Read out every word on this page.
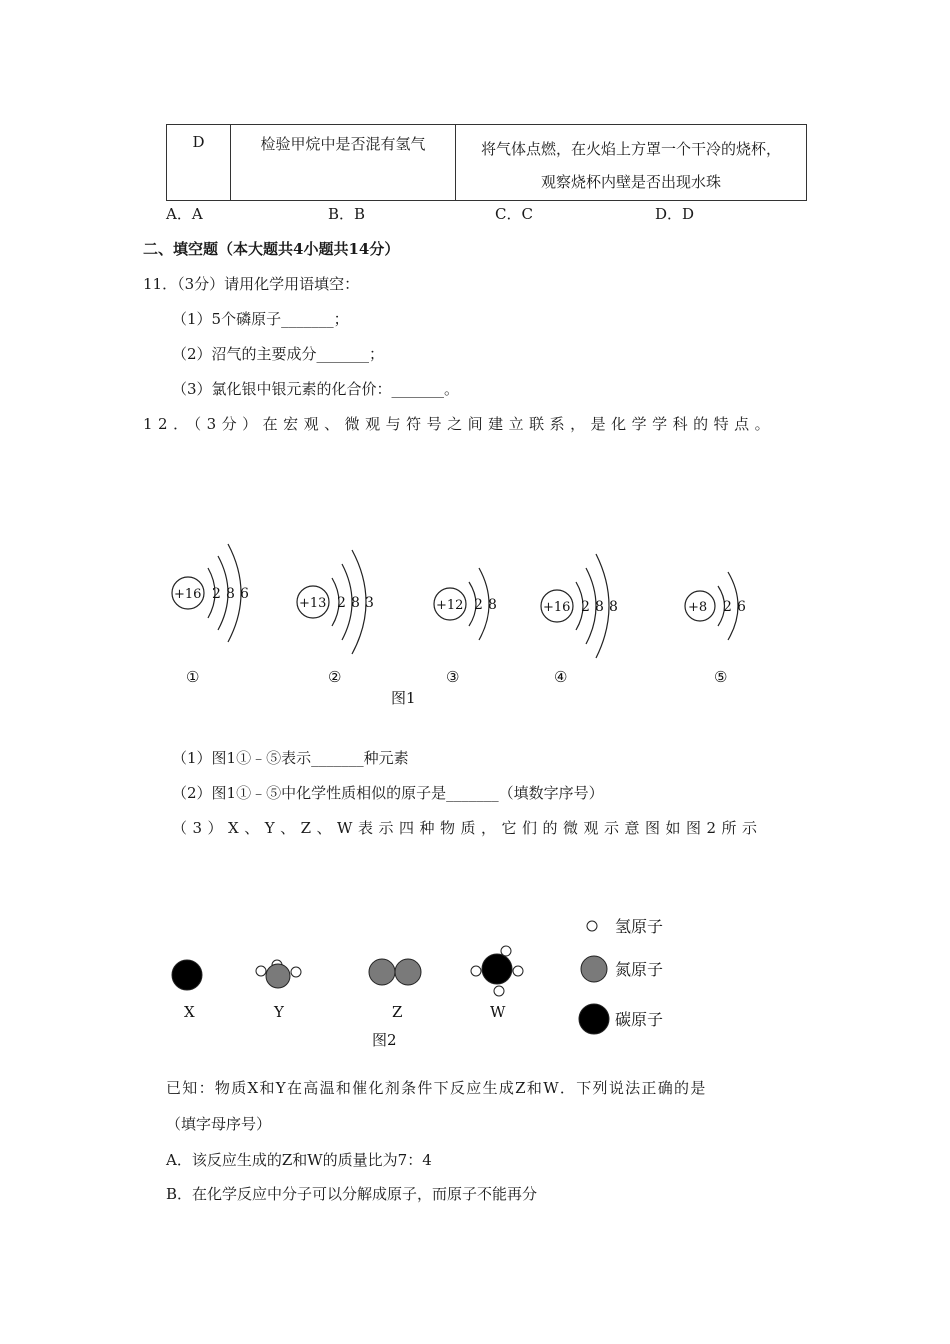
D	检验甲烷中是否混有氢气	将气体点燃，在火焰上方罩一个干冷的烧杯，
观察烧杯内壁是否出现水珠
A．A	B．B	C．C	D．D
二、填空题（本大题共4小题共14分）
11．（3分）请用化学用语填空：
（1）5个磷原子_______；
（2）沼气的主要成分_______；
（3）氯化银中银元素的化合价：_______。
12．（3分）在宏观、微观与符号之间建立联系，是化学学科的特点。
+16 2 8 6
+13 2 8 3	+12 2 8	+16 2 8 8	+8 2 6
①	②	③	④	⑤
图1
（1）图1①﹣⑤表示_______种元素
（2）图1①﹣⑤中化学性质相似的原子是_______（填数字序号）
（3）X、Y、Z、W表示四种物质，它们的微观示意图如图2所示
X	Y	Z	W
氢原子
氮原子
碳原子
图2
已知：物质X和Y在高温和催化剂条件下反应生成Z和W．下列说法正确的是
（填字母序号）
A．该反应生成的Z和W的质量比为7：4
B．在化学反应中分子可以分解成原子，而原子不能再分
